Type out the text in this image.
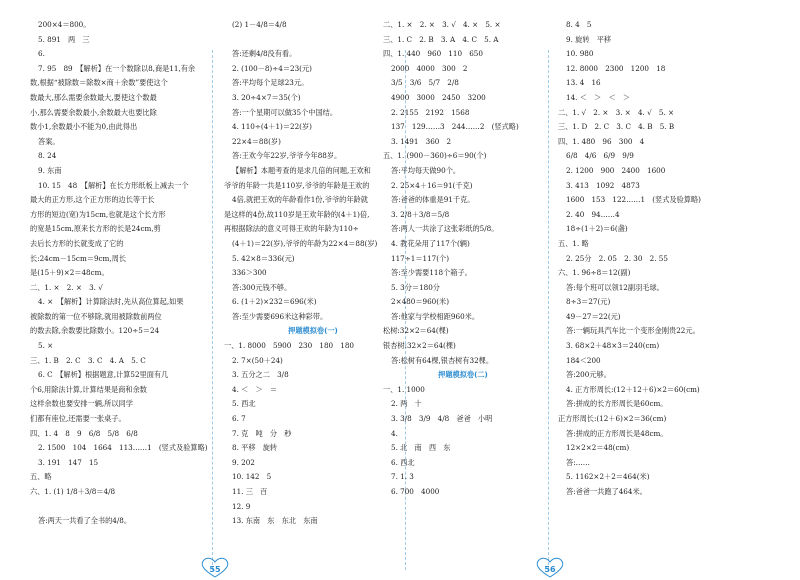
200×4＝800。
5. 891　两　三
6.
7. 95　89　【解析】在一个数除以8,商是11,有余
数,根据“被除数＝除数×商＋余数”要使这个
数最大,那么需要余数最大,要使这个数最
小,那么需要余数最小,余数最大也要比除
数小1,余数最小不能为0,由此得出
答案。
8. 24
9. 东南
10. 15　48　【解析】在长方形纸板上减去一个
最大的正方形,这个正方形的边长等于长
方形的短边(宽)为15cm,也就是这个长方形
的宽是15cm,原来长方形的长是24cm,剪
去后长方形的长就变成了它的
长:24cm－15cm＝9cm,周长
是(15＋9)×2＝48cm。
二、1. ×　2. ×　3. √
4. ×　【解析】计算除法时,先从高位算起,如果
被除数的第一位不够除,就用被除数前两位
的数去除,余数要比除数小。120÷5＝24
5. ×
三、1. B　2. C　3. C　4. A　5. C
6. C　【解析】根据题意,计算52里面有几
个6,用除法计算,计算结果是商和余数
这样余数也要安排一辆,所以同学
们都有座位,还需要一张桌子。
四、1. 4　8　9　6/8　5/8　6/8
2. 1500　104　1664　113……1　(竖式及验算略)
3. 191　147　15
五、略
六、1. (1) 1/8＋3/8＝4/8
答:两天一共看了全书的4/8。
(2) 1－4/8＝4/8
答:还剩4/8没有看。
2. (100－8)÷4＝23(元)
答:平均每个足球23元。
3. 20÷4×7＝35(个)
答:一个星期可以做35个中国结。
4. 110÷(4＋1)＝22(岁)
22×4＝88(岁)
答:王欢今年22岁,爷爷今年88岁。
【解析】本题考查的是求几倍的问题,王欢和
爷爷的年龄一共是110岁,爷爷的年龄是王欢的
4倍,就把王欢的年龄看作1份,爷爷的年龄就
是这样的4份,故110岁是王欢年龄的(4＋1)倍,
再根据除法的意义可得王欢的年龄为110÷
(4＋1)＝22(岁),爷爷的年龄为22×4＝88(岁)
5. 42×8＝336(元)
336＞300
答:300元钱不够。
6. (1＋2)×232＝696(米)
答:至少需要696米这种彩带。
押题模拟卷(一)
一、1. 8000　5900　230　180　180
2. 7×(50＋24)
3. 五分之二　3/8
4. ＜　＞　＝
5. 西北
6. 7
7. 克　吨　分　秒
8. 平移　旋转
9. 202
10. 142　5
11. 三　百
12. 9
13. 东南　东　东北　东南
二、1. ×　2. ×　3. √　4. ×　5. ×
三、1. C　2. B　3. A　4. C　5. A
四、1. 440　960　110　650
2000　4000　300　2
3/5　3/6　5/7　2/8
4900　3000　2450　3200
2. 2155　2192　1568
137　129……3　244……2　(竖式略)
3. 1491　360　2
五、1. (900－360)÷6＝90(个)
答:平均每天做90个。
2. 25×4＋16＝91(千克)
答:爸爸的体重是91千克。
3. 2/8＋3/8＝5/8
答:两人一共涂了这张彩纸的5/8。
4. 教花朵用了117个(辆)
117÷1＝117(个)
答:至少需要118个箱子。
5. 3分＝180分
2×480＝960(米)
答:他家与学校相距960米。
松树:32×2＝64(棵)
银杏树:32×2＝64(棵)
答:松树有64棵,银杏树有32棵。
押题模拟卷(二)
一、1. 1000
2. 两　十
3. 3/8　3/9　4/8　爸爸　小明
4.
5. 北　南　西　东
6. 西北
7. 1. 3
6. 700　4000
8. 4　5
9. 旋转　平移
10. 980
12. 8000　2300　1200　18
13. 4　16
14. ＜　＞　＜　＞
二、1. √　2. ×　3. ×　4. √　5. ×
三、1. D　2. C　3. C　4. B　5. B
四、1. 480　96　300　4
6/8　4/6　6/9　9/9
2. 1200　900　2400　1600
3. 413　1092　4873
1600　153　122……1　(竖式及验算略)
2. 40　94……4
18÷(1＋2)＝6(盏)
五、1. 略
2. 25分　2. 05　2. 30　2. 55
六、1. 96÷8＝12(副)
答:每个班可以领12副羽毛球。
8÷3＝27(元)
49－27＝22(元)
答:一辆玩具汽车比一个变形金刚贵22元。
3. 68×2＋48×3＝240(cm)
184＜200
答:200元够。
4. 正方形周长:(12＋12＋6)×2＝60(cm)
答:拼成的长方形周长是60cm。
正方形周长:(12＋6)×2＝36(cm)
答:拼成的正方形周长是48cm。
12×2×2＝48(cm)
答:……
5. 1162×2＋2＝464(米)
答:爸爸一共跑了464米。
55	56
